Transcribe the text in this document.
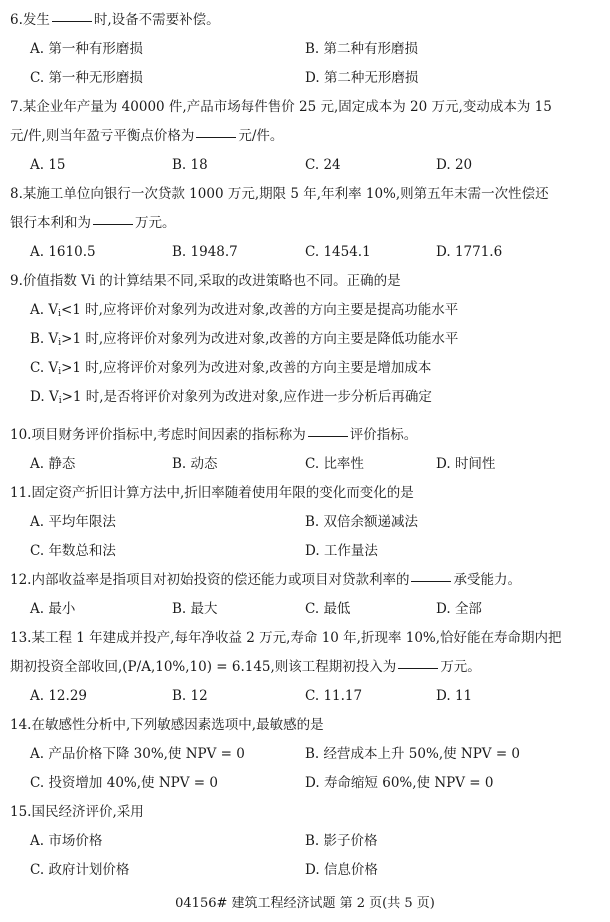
6.发生	时,设备不需要补偿。
A. 第一种有形磨损	B. 第二种有形磨损
C. 第一种无形磨损	D. 第二种无形磨损
7.某企业年产量为 40000 件,产品市场每件售价 25 元,固定成本为 20 万元,变动成本为 15
元/件,则当年盈亏平衡点价格为	元/件。
A. 15	B. 18	C. 24	D. 20
8.某施工单位向银行一次贷款 1000 万元,期限 5 年,年利率 10%,则第五年末需一次性偿还
银行本利和为	万元。
A. 1610.5	B. 1948.7	C. 1454.1	D. 1771.6
9.价值指数 Vi 的计算结果不同,采取的改进策略也不同。正确的是
A. $V_i<1$ 时,应将评价对象列为改进对象,改善的方向主要是提高功能水平
B. $V_i>1$ 时,应将评价对象列为改进对象,改善的方向主要是降低功能水平
C. $V_i>1$ 时,应将评价对象列为改进对象,改善的方向主要是增加成本
D. $V_i>1$ 时,是否将评价对象列为改进对象,应作进一步分析后再确定
10.项目财务评价指标中,考虑时间因素的指标称为	评价指标。
A. 静态	B. 动态	C. 比率性	D. 时间性
11.固定资产折旧计算方法中,折旧率随着使用年限的变化而变化的是
A. 平均年限法	B. 双倍余额递减法
C. 年数总和法	D. 工作量法
12.内部收益率是指项目对初始投资的偿还能力或项目对贷款利率的	承受能力。
A. 最小	B. 最大	C. 最低	D. 全部
13.某工程 1 年建成并投产,每年净收益 2 万元,寿命 10 年,折现率 10%,恰好能在寿命期内把
期初投资全部收回,(P/A,10%,10) = 6.145,则该工程期初投入为	万元。
A. 12.29	B. 12	C. 11.17	D. 11
14.在敏感性分析中,下列敏感因素选项中,最敏感的是
A. 产品价格下降 30%,使 NPV = 0	B. 经营成本上升 50%,使 NPV = 0
C. 投资增加 40%,使 NPV = 0	D. 寿命缩短 60%,使 NPV = 0
15.国民经济评价,采用
A. 市场价格	B. 影子价格
C. 政府计划价格	D. 信息价格
04156# 建筑工程经济试题 第 2 页(共 5 页)
